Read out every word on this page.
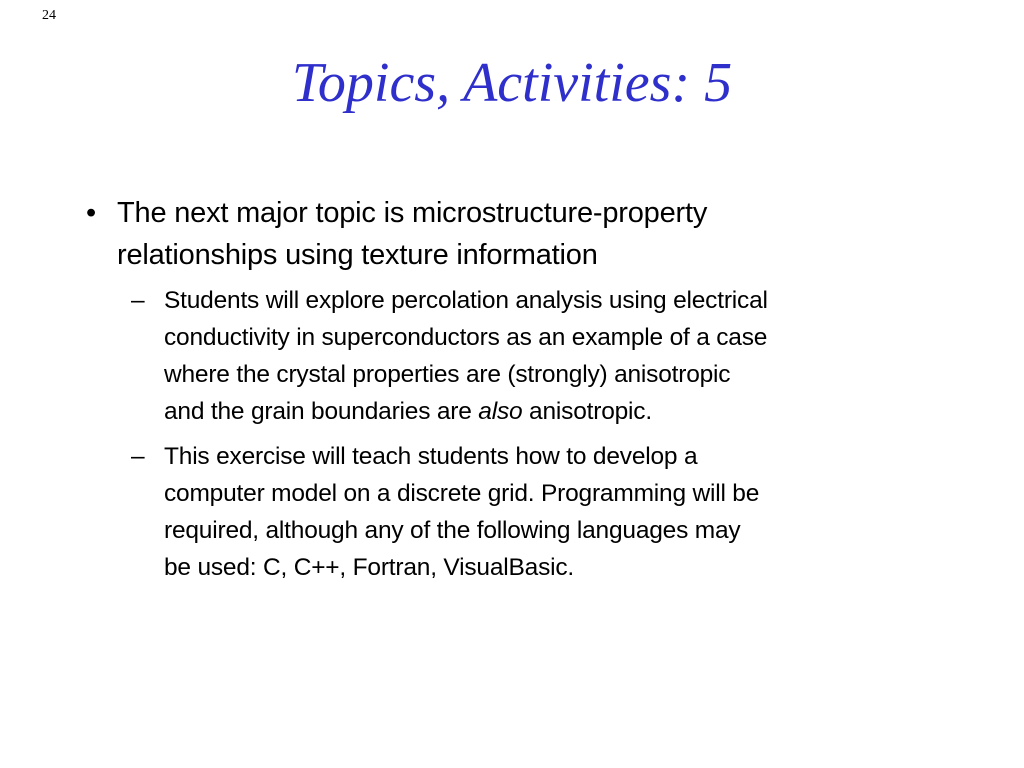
24
Topics, Activities: 5
• The next major topic is microstructure-property
relationships using texture information
– Students will explore percolation analysis using electrical
conductivity in superconductors as an example of a case
where the crystal properties are (strongly) anisotropic
and the grain boundaries are also anisotropic.
– This exercise will teach students how to develop a
computer model on a discrete grid. Programming will be
required, although any of the following languages may
be used: C, C++, Fortran, VisualBasic.
